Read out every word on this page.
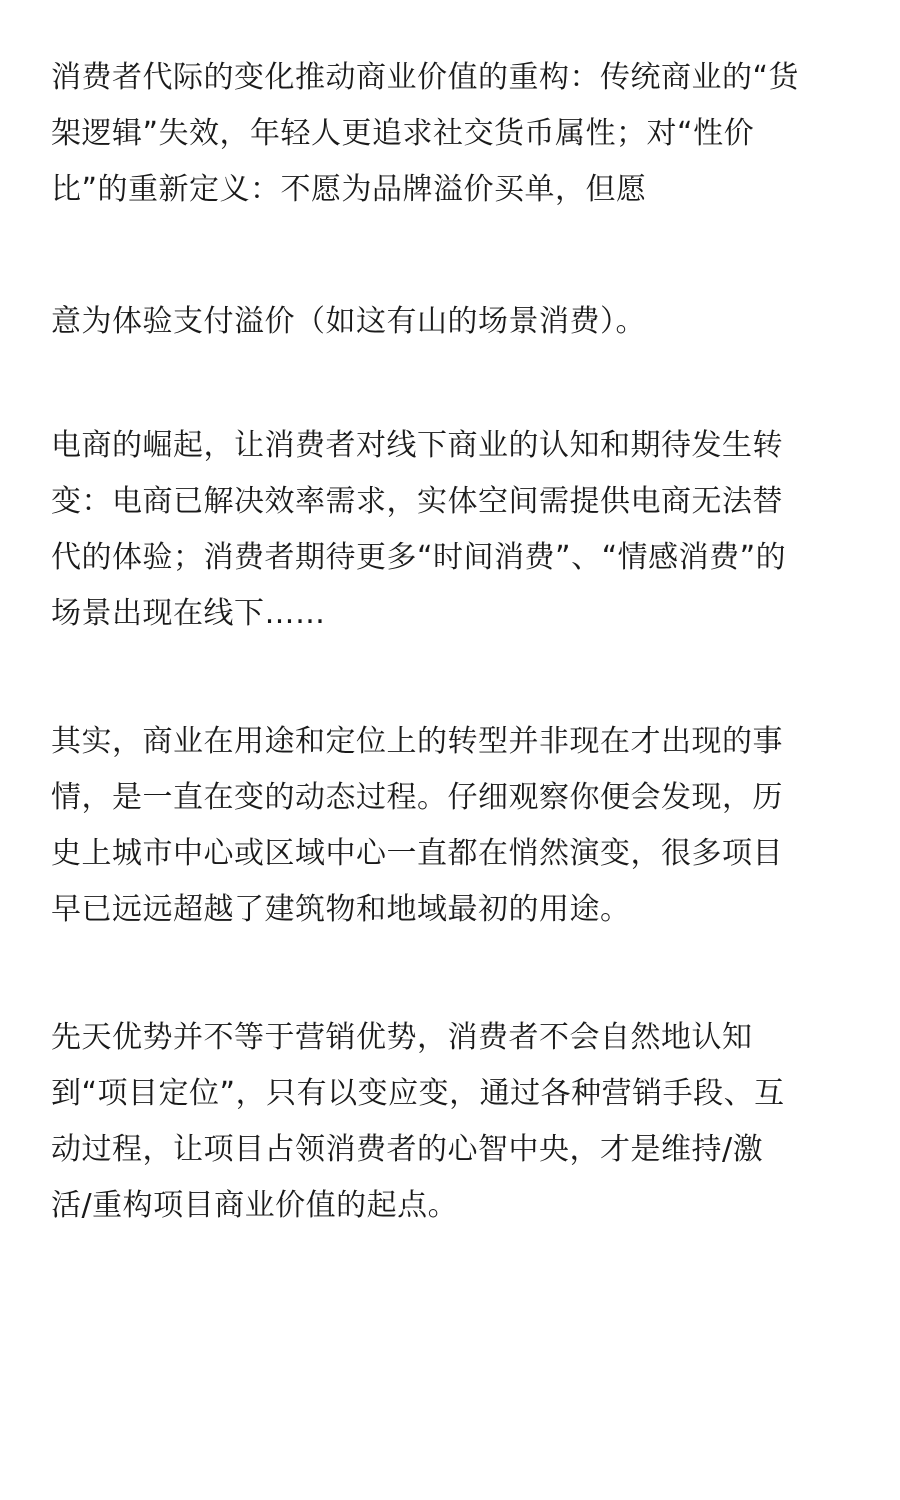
消费者代际的变化推动商业价值的重构：传统商业的“货
架逻辑”失效，年轻人更追求社交货币属性；对“性价
比”的重新定义：不愿为品牌溢价买单，但愿
意为体验支付溢价（如这有山的场景消费）。
电商的崛起，让消费者对线下商业的认知和期待发生转
变：电商已解决效率需求，实体空间需提供电商无法替
代的体验；消费者期待更多“时间消费”、“情感消费”的
场景出现在线下……
其实，商业在用途和定位上的转型并非现在才出现的事
情，是一直在变的动态过程。仔细观察你便会发现，历
史上城市中心或区域中心一直都在悄然演变，很多项目
早已远远超越了建筑物和地域最初的用途。
先天优势并不等于营销优势，消费者不会自然地认知
到“项目定位”，只有以变应变，通过各种营销手段、互
动过程，让项目占领消费者的心智中央，才是维持/激
活/重构项目商业价值的起点。
